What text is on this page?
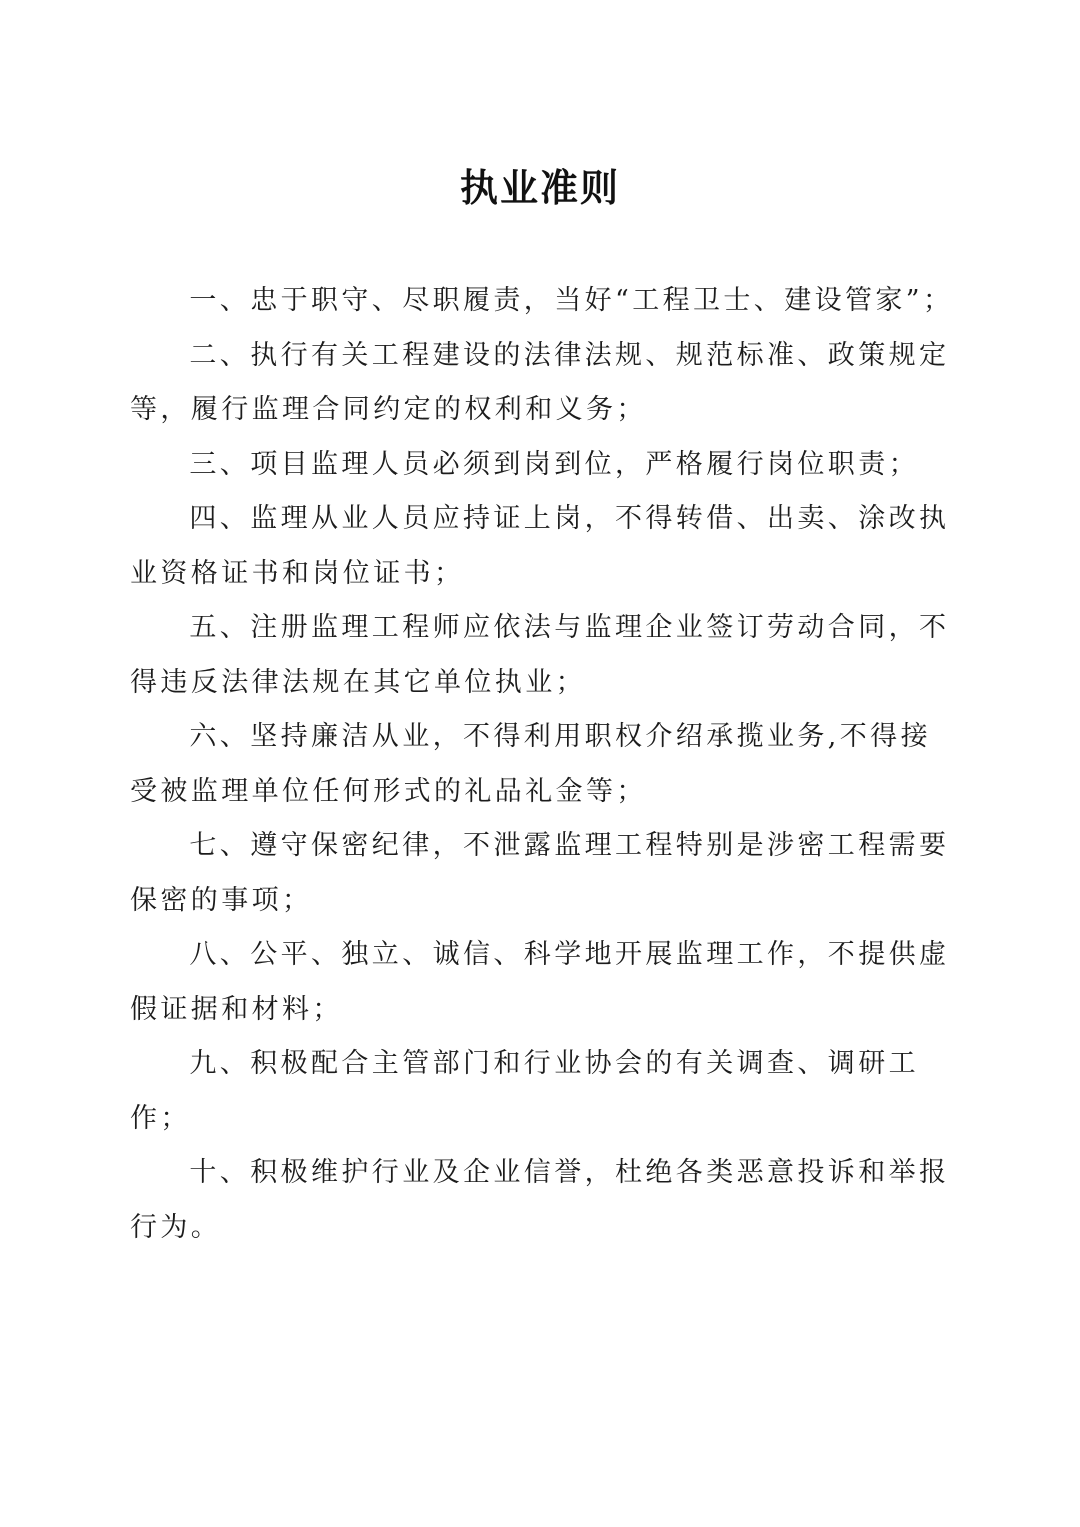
执业准则

一、忠于职守、尽职履责，当好“工程卫士、建设管家”；

二、执行有关工程建设的法律法规、规范标准、政策规定等，履行监理合同约定的权利和义务；

三、项目监理人员必须到岗到位，严格履行岗位职责；

四、监理从业人员应持证上岗，不得转借、出卖、涂改执业资格证书和岗位证书；

五、注册监理工程师应依法与监理企业签订劳动合同，不得违反法律法规在其它单位执业；

六、坚持廉洁从业，不得利用职权介绍承揽业务,不得接受被监理单位任何形式的礼品礼金等；

七、遵守保密纪律，不泄露监理工程特别是涉密工程需要保密的事项；

八、公平、独立、诚信、科学地开展监理工作，不提供虚假证据和材料；

九、积极配合主管部门和行业协会的有关调查、调研工作；

十、积极维护行业及企业信誉，杜绝各类恶意投诉和举报行为。
